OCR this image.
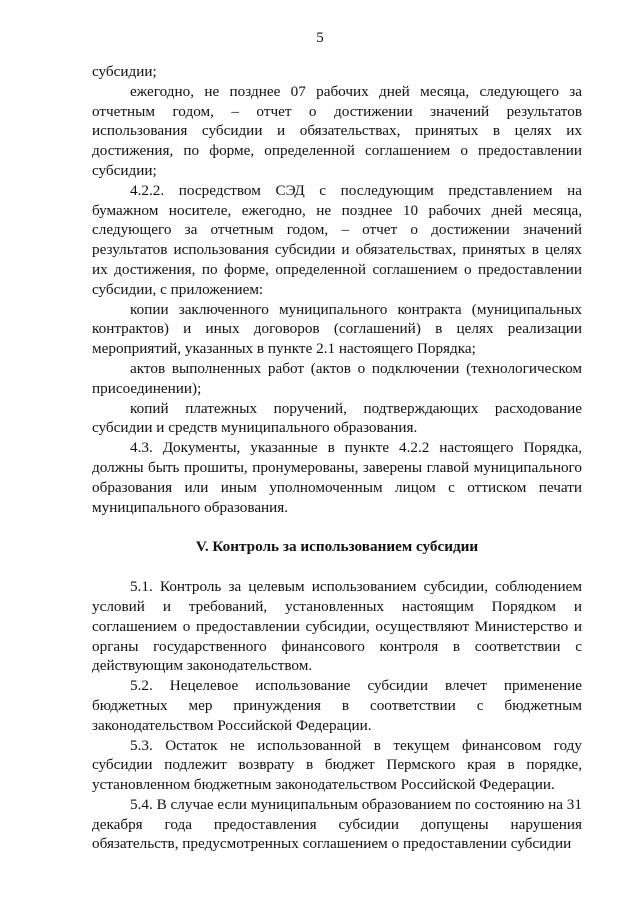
5

субсидии;

ежегодно, не позднее 07 рабочих дней месяца, следующего за отчетным годом, – отчет о достижении значений результатов использования субсидии и обязательствах, принятых в целях их достижения, по форме, определенной соглашением о предоставлении субсидии;

4.2.2. посредством СЭД с последующим представлением на бумажном носителе, ежегодно, не позднее 10 рабочих дней месяца, следующего за отчетным годом, – отчет о достижении значений результатов использования субсидии и обязательствах, принятых в целях их достижения, по форме, определенной соглашением о предоставлении субсидии, с приложением:

копии заключенного муниципального контракта (муниципальных контрактов) и иных договоров (соглашений) в целях реализации мероприятий, указанных в пункте 2.1 настоящего Порядка;

актов выполненных работ (актов о подключении (технологическом присоединении);

копий платежных поручений, подтверждающих расходование субсидии и средств муниципального образования.

4.3. Документы, указанные в пункте 4.2.2 настоящего Порядка, должны быть прошиты, пронумерованы, заверены главой муниципального образования или иным уполномоченным лицом с оттиском печати муниципального образования.

V. Контроль за использованием субсидии

5.1. Контроль за целевым использованием субсидии, соблюдением условий и требований, установленных настоящим Порядком и соглашением о предоставлении субсидии, осуществляют Министерство и органы государственного финансового контроля в соответствии с действующим законодательством.

5.2. Нецелевое использование субсидии влечет применение бюджетных мер принуждения в соответствии с бюджетным законодательством Российской Федерации.

5.3. Остаток не использованной в текущем финансовом году субсидии подлежит возврату в бюджет Пермского края в порядке, установленном бюджетным законодательством Российской Федерации.

5.4. В случае если муниципальным образованием по состоянию на 31 декабря года предоставления субсидии допущены нарушения обязательств, предусмотренных соглашением о предоставлении субсидии
